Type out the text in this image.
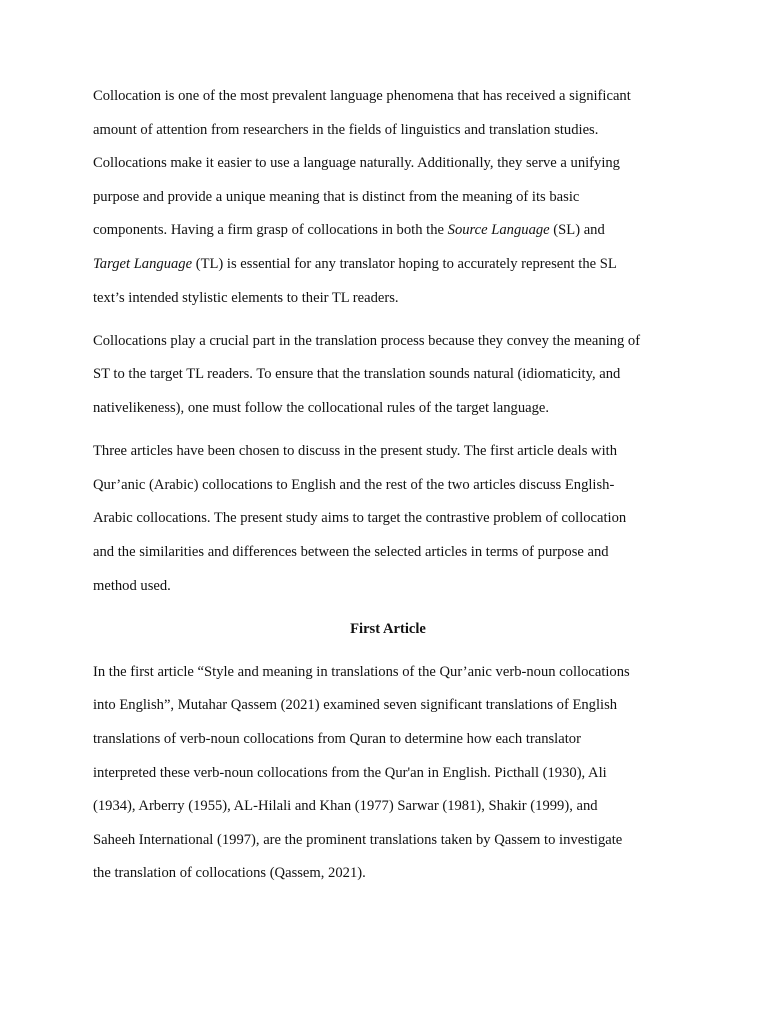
Collocation is one of the most prevalent language phenomena that has received a significant
amount of attention from researchers in the fields of linguistics and translation studies.
Collocations make it easier to use a language naturally. Additionally, they serve a unifying
purpose and provide a unique meaning that is distinct from the meaning of its basic
components. Having a firm grasp of collocations in both the Source Language (SL) and
Target Language (TL) is essential for any translator hoping to accurately represent the SL
text’s intended stylistic elements to their TL readers.

Collocations play a crucial part in the translation process because they convey the meaning of
ST to the target TL readers. To ensure that the translation sounds natural (idiomaticity, and
nativelikeness), one must follow the collocational rules of the target language.

Three articles have been chosen to discuss in the present study. The first article deals with
Qur’anic (Arabic) collocations to English and the rest of the two articles discuss English-
Arabic collocations. The present study aims to target the contrastive problem of collocation
and the similarities and differences between the selected articles in terms of purpose and
method used.

First Article

In the first article “Style and meaning in translations of the Qur’anic verb-noun collocations
into English”, Mutahar Qassem (2021) examined seven significant translations of English
translations of verb-noun collocations from Quran to determine how each translator
interpreted these verb-noun collocations from the Qur'an in English. Picthall (1930), Ali
(1934), Arberry (1955), AL-Hilali and Khan (1977) Sarwar (1981), Shakir (1999), and
Saheeh International (1997), are the prominent translations taken by Qassem to investigate
the translation of collocations (Qassem, 2021).
